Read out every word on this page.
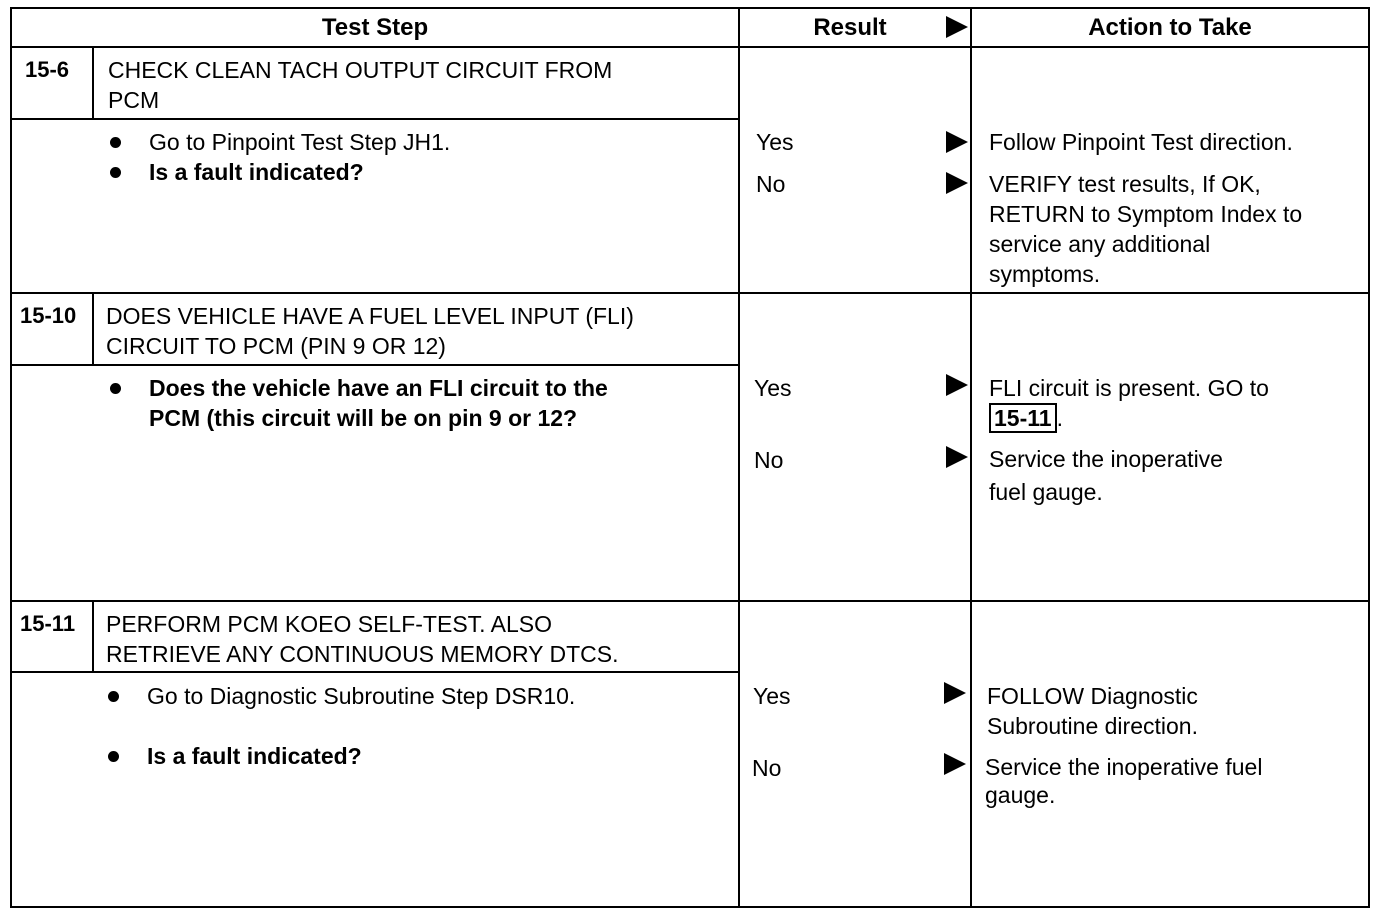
Test Step	Result	Action to Take
15-6 CHECK CLEAN TACH OUTPUT CIRCUIT FROM
PCM
Go to Pinpoint Test Step JH1.
Is a fault indicated?
Yes	Follow Pinpoint Test direction.
No	VERIFY test results, If OK,
RETURN to Symptom Index to
service any additional
symptoms.
15-10 DOES VEHICLE HAVE A FUEL LEVEL INPUT (FLI)
CIRCUIT TO PCM (PIN 9 OR 12)
Does the vehicle have an FLI circuit to the
PCM (this circuit will be on pin 9 or 12?
Yes	FLI circuit is present. GO to
15-11 .
No	Service the inoperative
fuel gauge.
15-11 PERFORM PCM KOEO SELF-TEST. ALSO
RETRIEVE ANY CONTINUOUS MEMORY DTCS.
Go to Diagnostic Subroutine Step DSR10.
Is a fault indicated?
Yes	FOLLOW Diagnostic
Subroutine direction.
No	Service the inoperative fuel
gauge.
